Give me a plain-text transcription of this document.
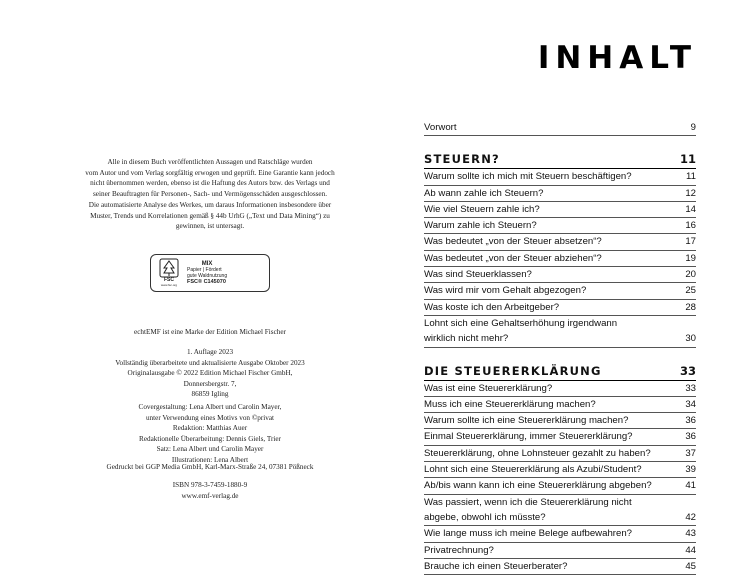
Alle in diesem Buch veröffentlichten Aussagen und Ratschläge wurden
vom Autor und vom Verlag sorgfältig erwogen und geprüft. Eine Garantie kann jedoch
nicht übernommen werden, ebenso ist die Haftung des Autors bzw. des Verlags und
seiner Beauftragten für Personen-, Sach- und Vermögensschäden ausgeschlossen.
Die automatisierte Analyse des Werkes, um daraus Informationen insbesondere über
Muster, Trends und Korrelationen gemäß § 44b UrhG („Text und Data Mining“) zu
gewinnen, ist untersagt.
FSC
www.fsc.org
MIX
Papier | Fördert
gute Waldnutzung
FSC® C145070
echtEMF ist eine Marke der Edition Michael Fischer
1. Auflage 2023
Vollständig überarbeitete und aktualisierte Ausgabe Oktober 2023
Originalausgabe © 2022 Edition Michael Fischer GmbH,
Donnersbergstr. 7,
86859 Igling
Covergestaltung: Lena Albert und Carolin Mayer,
unter Verwendung eines Motivs von ©privat
Redaktion: Matthias Auer
Redaktionelle Überarbeitung: Dennis Giels, Trier
Satz: Lena Albert und Carolin Mayer
Illustrationen: Lena Albert
Gedruckt bei GGP Media GmbH, Karl-Marx-Straße 24, 07381 Pößneck
ISBN 978-3-7459-1880-9
www.emf-verlag.de
INHALT
Vorwort	9
STEUERN?	11
Warum sollte ich mich mit Steuern beschäftigen?	11
Ab wann zahle ich Steuern?	12
Wie viel Steuern zahle ich?	14
Warum zahle ich Steuern?	16
Was bedeutet „von der Steuer absetzen“?	17
Was bedeutet „von der Steuer abziehen“?	19
Was sind Steuerklassen?	20
Was wird mir vom Gehalt abgezogen?	25
Was koste ich den Arbeitgeber?	28
Lohnt sich eine Gehaltserhöhung irgendwann
wirklich nicht mehr?	30
DIE STEUERERKLÄRUNG	33
Was ist eine Steuererklärung?	33
Muss ich eine Steuererklärung machen?	34
Warum sollte ich eine Steuererklärung machen?	36
Einmal Steuererklärung, immer Steuererklärung?	36
Steuererklärung, ohne Lohnsteuer gezahlt zu haben?	37
Lohnt sich eine Steuererklärung als Azubi/Student?	39
Ab/bis wann kann ich eine Steuererklärung abgeben?	41
Was passiert, wenn ich die Steuererklärung nicht
abgebe, obwohl ich müsste?	42
Wie lange muss ich meine Belege aufbewahren?	43
Privatrechnung?	44
Brauche ich einen Steuerberater?	45
